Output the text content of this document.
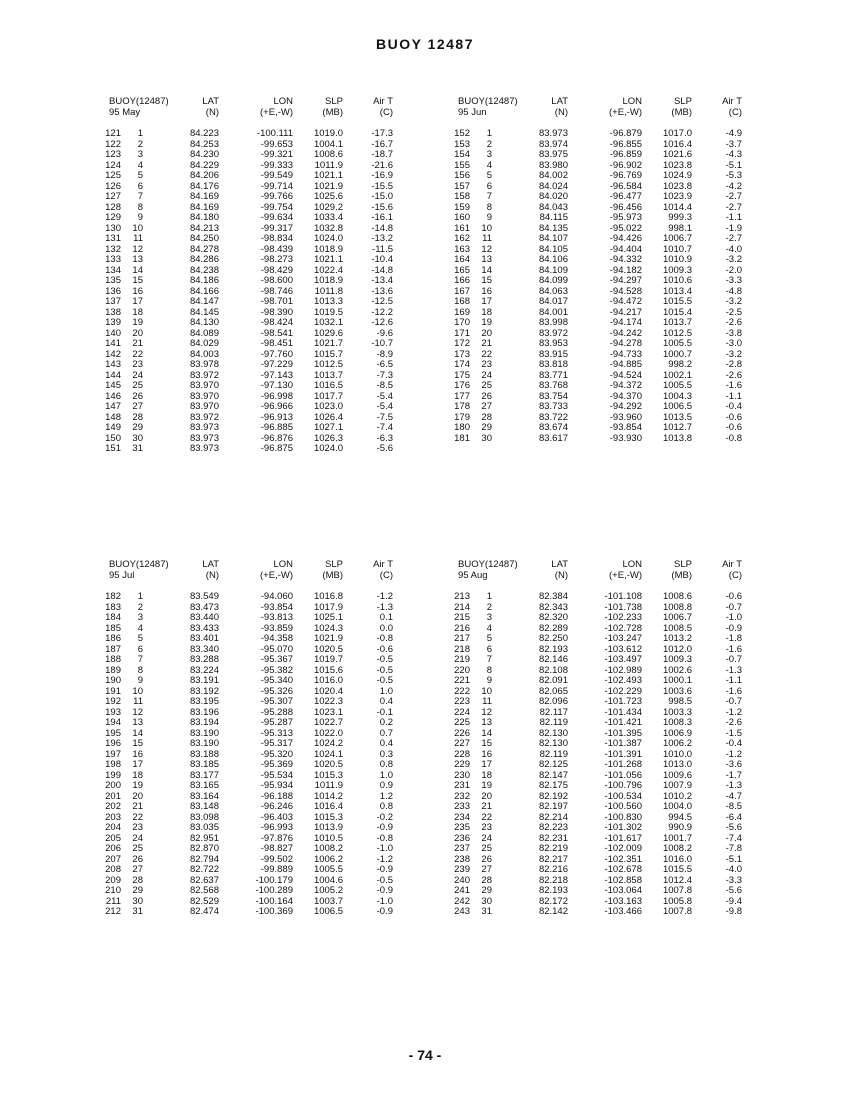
BUOY 12487
BUOY(12487)
95 May
LAT
(N)
LON
(+E,-W)
SLP
(MB)
Air T
(C)
121	1	84.223	-100.111	1019.0	-17.3
122	2	84.253	-99.653	1004.1	-16.7
123	3	84.230	-99.321	1008.6	-18.7
124	4	84.229	-99.333	1011.9	-21.6
125	5	84.206	-99.549	1021.1	-16.9
126	6	84.176	-99.714	1021.9	-15.5
127	7	84.169	-99.766	1025.6	-15.0
128	8	84.169	-99.754	1029.2	-15.6
129	9	84.180	-99.634	1033.4	-16.1
130	10	84.213	-99.317	1032.8	-14.8
131	11	84.250	-98.834	1024.0	-13.2
132	12	84.278	-98.439	1018.9	-11.5
133	13	84.286	-98.273	1021.1	-10.4
134	14	84.238	-98.429	1022.4	-14.8
135	15	84.186	-98.600	1018.9	-13.4
136	16	84.166	-98.746	1011.8	-13.6
137	17	84.147	-98.701	1013.3	-12.5
138	18	84.145	-98.390	1019.5	-12.2
139	19	84.130	-98.424	1032.1	-12.6
140	20	84.089	-98.541	1029.6	-9.6
141	21	84.029	-98.451	1021.7	-10.7
142	22	84.003	-97.760	1015.7	-8.9
143	23	83.978	-97.229	1012.5	-6.5
144	24	83.972	-97.143	1013.7	-7.3
145	25	83.970	-97.130	1016.5	-8.5
146	26	83.970	-96.998	1017.7	-5.4
147	27	83.970	-96.966	1023.0	-5.4
148	28	83.972	-96.913	1026.4	-7.5
149	29	83.973	-96.885	1027.1	-7.4
150	30	83.973	-96.876	1026.3	-6.3
151	31	83.973	-96.875	1024.0	-5.6
BUOY(12487)
95 Jun
LAT
(N)
LON
(+E,-W)
SLP
(MB)
Air T
(C)
152	1	83.973	-96.879	1017.0	-4.9
153	2	83.974	-96.855	1016.4	-3.7
154	3	83.975	-96.859	1021.6	-4.3
155	4	83.980	-96.902	1023.8	-5.1
156	5	84.002	-96.769	1024.9	-5.3
157	6	84.024	-96.584	1023.8	-4.2
158	7	84.020	-96.477	1023.9	-2.7
159	8	84.043	-96.456	1014.4	-2.7
160	9	84.115	-95.973	999.3	-1.1
161	10	84.135	-95.022	998.1	-1.9
162	11	84.107	-94.426	1006.7	-2.7
163	12	84.105	-94.404	1010.7	-4.0
164	13	84.106	-94.332	1010.9	-3.2
165	14	84.109	-94.182	1009.3	-2.0
166	15	84.099	-94.297	1010.6	-3.3
167	16	84.063	-94.528	1013.4	-4.8
168	17	84.017	-94.472	1015.5	-3.2
169	18	84.001	-94.217	1015.4	-2.5
170	19	83.998	-94.174	1013.7	-2.6
171	20	83.972	-94.242	1012.5	-3.8
172	21	83.953	-94.278	1005.5	-3.0
173	22	83.915	-94.733	1000.7	-3.2
174	23	83.818	-94.885	998.2	-2.8
175	24	83.771	-94.524	1002.1	-2.6
176	25	83.768	-94.372	1005.5	-1.6
177	26	83.754	-94.370	1004.3	-1.1
178	27	83.733	-94.292	1006.5	-0.4
179	28	83.722	-93.960	1013.5	-0.6
180	29	83.674	-93.854	1012.7	-0.6
181	30	83.617	-93.930	1013.8	-0.8
BUOY(12487)
95 Jul
LAT
(N)
LON
(+E,-W)
SLP
(MB)
Air T
(C)
182	1	83.549	-94.060	1016.8	-1.2
183	2	83.473	-93.854	1017.9	-1.3
184	3	83.440	-93.813	1025.1	0.1
185	4	83.433	-93.859	1024.3	0.0
186	5	83.401	-94.358	1021.9	-0.8
187	6	83.340	-95.070	1020.5	-0.6
188	7	83.288	-95.367	1019.7	-0.5
189	8	83.224	-95.382	1015.6	-0.5
190	9	83.191	-95.340	1016.0	-0.5
191	10	83.192	-95.326	1020.4	1.0
192	11	83.195	-95.307	1022.3	0.4
193	12	83.196	-95.288	1023.1	-0.1
194	13	83.194	-95.287	1022.7	0.2
195	14	83.190	-95.313	1022.0	0.7
196	15	83.190	-95.317	1024.2	0.4
197	16	83.188	-95.320	1024.1	0.3
198	17	83.185	-95.369	1020.5	0.8
199	18	83.177	-95.534	1015.3	1.0
200	19	83.165	-95.934	1011.9	0.9
201	20	83.164	-96.188	1014.2	1.2
202	21	83.148	-96.246	1016.4	0.8
203	22	83.098	-96.403	1015.3	-0.2
204	23	83.035	-96.993	1013.9	-0.9
205	24	82.951	-97.876	1010.5	-0.8
206	25	82.870	-98.827	1008.2	-1.0
207	26	82.794	-99.502	1006.2	-1.2
208	27	82.722	-99.889	1005.5	-0.9
209	28	82.637	-100.179	1004.6	-0.5
210	29	82.568	-100.289	1005.2	-0.9
211	30	82.529	-100.164	1003.7	-1.0
212	31	82.474	-100.369	1006.5	-0.9
BUOY(12487)
95 Aug
LAT
(N)
LON
(+E,-W)
SLP
(MB)
Air T
(C)
213	1	82.384	-101.108	1008.6	-0.6
214	2	82.343	-101.738	1008.8	-0.7
215	3	82.320	-102.233	1006.7	-1.0
216	4	82.289	-102.728	1008.5	-0.9
217	5	82.250	-103.247	1013.2	-1.8
218	6	82.193	-103.612	1012.0	-1.6
219	7	82.146	-103.497	1009.3	-0.7
220	8	82.108	-102.989	1002.6	-1.3
221	9	82.091	-102.493	1000.1	-1.1
222	10	82.065	-102.229	1003.6	-1.6
223	11	82.096	-101.723	998.5	-0.7
224	12	82.117	-101.434	1003.3	-1.2
225	13	82.119	-101.421	1008.3	-2.6
226	14	82.130	-101.395	1006.9	-1.5
227	15	82.130	-101.387	1006.2	-0.4
228	16	82.119	-101.391	1010.0	-1.2
229	17	82.125	-101.268	1013.0	-3.6
230	18	82.147	-101.056	1009.6	-1.7
231	19	82.175	-100.796	1007.9	-1.3
232	20	82.192	-100.534	1010.2	-4.7
233	21	82.197	-100.560	1004.0	-8.5
234	22	82.214	-100.830	994.5	-6.4
235	23	82.223	-101.302	990.9	-5.6
236	24	82.231	-101.617	1001.7	-7.4
237	25	82.219	-102.009	1008.2	-7.8
238	26	82.217	-102.351	1016.0	-5.1
239	27	82.216	-102.678	1015.5	-4.0
240	28	82.218	-102.858	1012.4	-3.3
241	29	82.193	-103.064	1007.8	-5.6
242	30	82.172	-103.163	1005.8	-9.4
243	31	82.142	-103.466	1007.8	-9.8
- 74 -
